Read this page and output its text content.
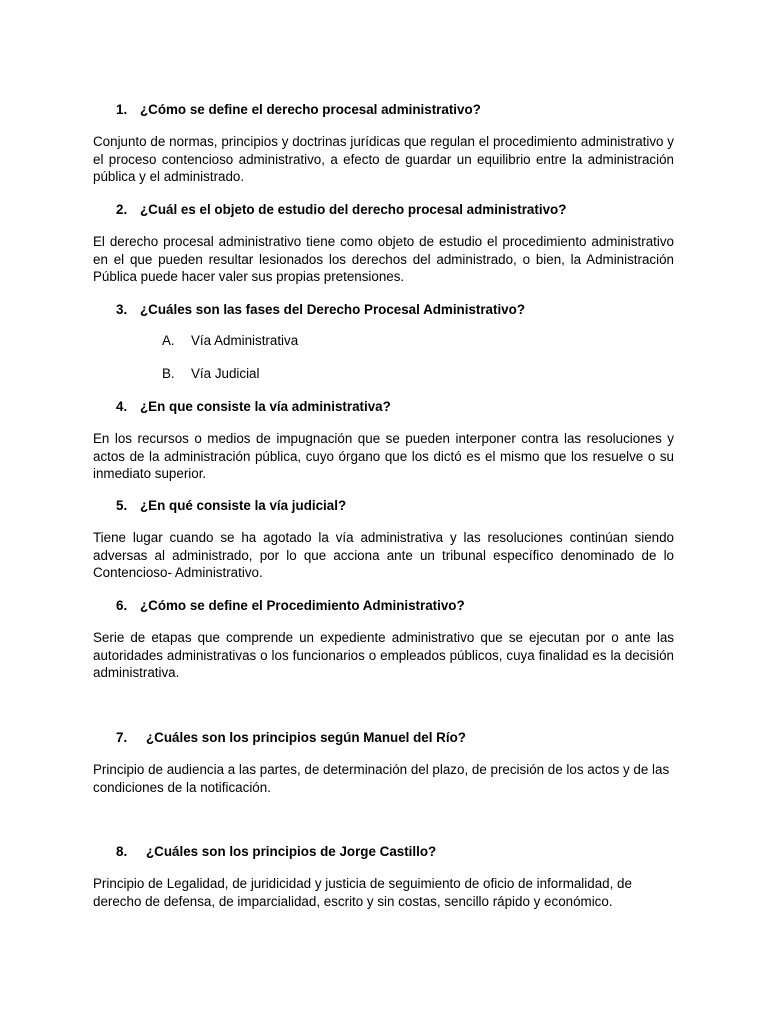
1. ¿Cómo se define el derecho procesal administrativo?
Conjunto de normas, principios y doctrinas jurídicas que regulan el procedimiento administrativo y el proceso contencioso administrativo, a efecto de guardar un equilibrio entre la administración pública y el administrado.
2. ¿Cuál es el objeto de estudio del derecho procesal administrativo?
El derecho procesal administrativo tiene como objeto de estudio el procedimiento administrativo en el que pueden resultar lesionados los derechos del administrado, o bien, la Administración Pública puede hacer valer sus propias pretensiones.
3. ¿Cuáles son las fases del Derecho Procesal Administrativo?
A. Vía Administrativa
B. Vía Judicial
4. ¿En que consiste la vía administrativa?
En los recursos o medios de impugnación que se pueden interponer contra las resoluciones y actos de la administración pública, cuyo órgano que los dictó es el mismo que los resuelve o su inmediato superior.
5. ¿En qué consiste la vía judicial?
Tiene lugar cuando se ha agotado la vía administrativa y las resoluciones continúan siendo adversas al administrado, por lo que acciona ante un tribunal específico denominado de lo Contencioso- Administrativo.
6. ¿Cómo se define el Procedimiento Administrativo?
Serie de etapas que comprende un expediente administrativo que se ejecutan por o ante las autoridades administrativas o los funcionarios o empleados públicos, cuya finalidad es la decisión administrativa.
7. ¿Cuáles son los principios según Manuel del Río?
Principio de audiencia a las partes, de determinación del plazo, de precisión de los actos y de las condiciones de la notificación.
8. ¿Cuáles son los principios de Jorge Castillo?
Principio de Legalidad, de juridicidad y justicia de seguimiento de oficio de informalidad, de derecho de defensa, de imparcialidad, escrito y sin costas, sencillo rápido y económico.
